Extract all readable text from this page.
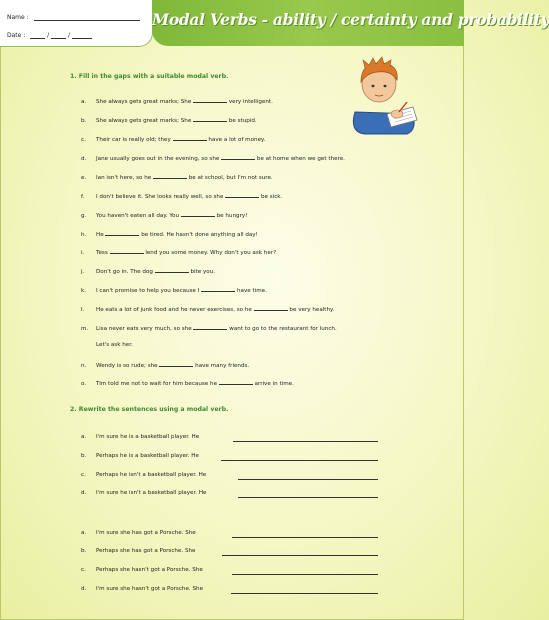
Name :
Date :	/	/
Modal Verbs - ability / certainty and probability
1. Fill in the gaps with a suitable modal verb.
a. She always gets great marks; She	very intelligent.
b. She always gets great marks; She	be stupid.
c. Their car is really old; they	have a lot of money.
d. Jane usually goes out in the evening, so she	be at home when we get there.
e. Ian isn't here, so he	be at school, but I'm not sure.
f. I don't believe it. She looks really well, so she	be sick.
g. You haven't eaten all day. You	be hungry!
h. He	be tired. He hasn't done anything all day!
i. Tess	lend you some money. Why don't you ask her?
j. Don't go in. The dog	bite you.
k. I can't promise to help you because I	have time.
l. He eats a lot of junk food and he never exercises, so he	be very healthy.
m. Lisa never eats very much, so she	want to go to the restaurant for lunch.
Let's ask her.
n. Wendy is so rude; she	have many friends.
o. Tim told me not to wait for him because he	arrive in time.
2. Rewrite the sentences using a modal verb.
a. I'm sure he is a basketball player. He
b. Perhaps he is a basketball player. He
c. Perhaps he isn't a basketball player. He
d. I'm sure he isn't a basketball player. He
a. I'm sure she has got a Porsche. She
b. Perhaps she has got a Porsche. She
c. Perhaps she hasn't got a Porsche. She
d. I'm sure she hasn't got a Porsche. She
